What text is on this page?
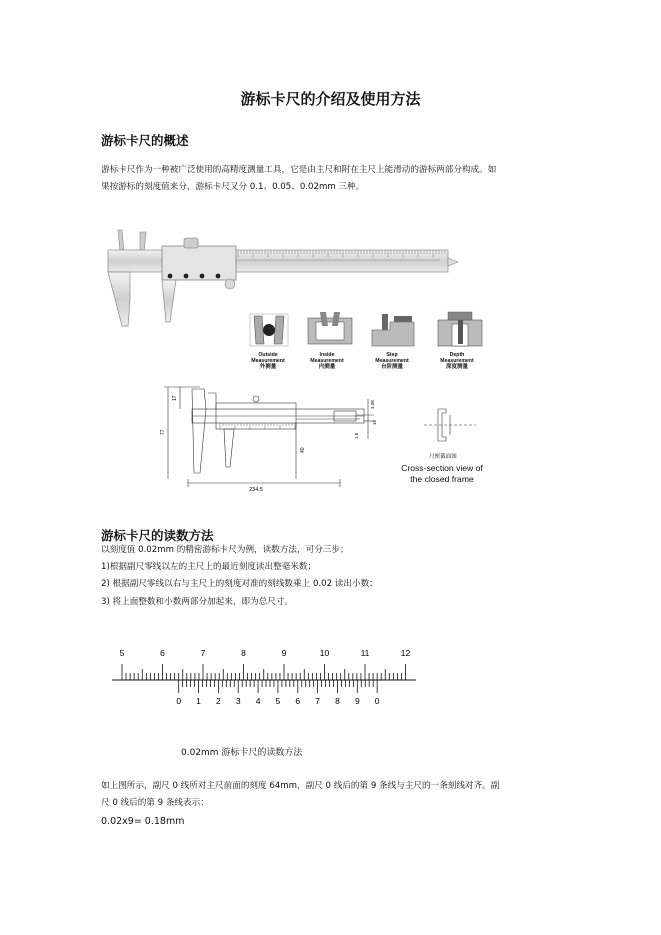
游标卡尺的介绍及使用方法
游标卡尺的概述
游标卡尺作为一种被广泛使用的高精度测量工具，它是由主尺和附在主尺上能滑动的游标两部分构成。如
果按游标的刻度值来分，游标卡尺又分 0.1、0.05、0.02mm 三种。
Outside
Measurement
外测量
Inside
Measurement
内测量
Step
Measurement
台阶测量
Depth
Measurement
深度测量
77
17
40
234.5
3.38
16
1.5
尺框截面图
Cross-section view of
the closed frame
游标卡尺的读数方法
以刻度值 0.02mm 的精密游标卡尺为例，读数方法，可分三步；
1)根据副尺零线以左的主尺上的最近刻度读出整毫米数；
2) 根据副尺零线以右与主尺上的刻度对准的刻线数乘上 0.02 读出小数；
3) 将上面整数和小数两部分加起来，即为总尺寸。
5	6	7	8	9	10	11	12
0 1 2 3 4 5 6 7 8 9 0
0.02mm 游标卡尺的读数方法
如上图所示，副尺 0 线所对主尺前面的刻度 64mm，副尺 0 线后的第 9 条线与主尺的一条刻线对齐。副
尺 0 线后的第 9 条线表示：
0.02x9= 0.18mm
